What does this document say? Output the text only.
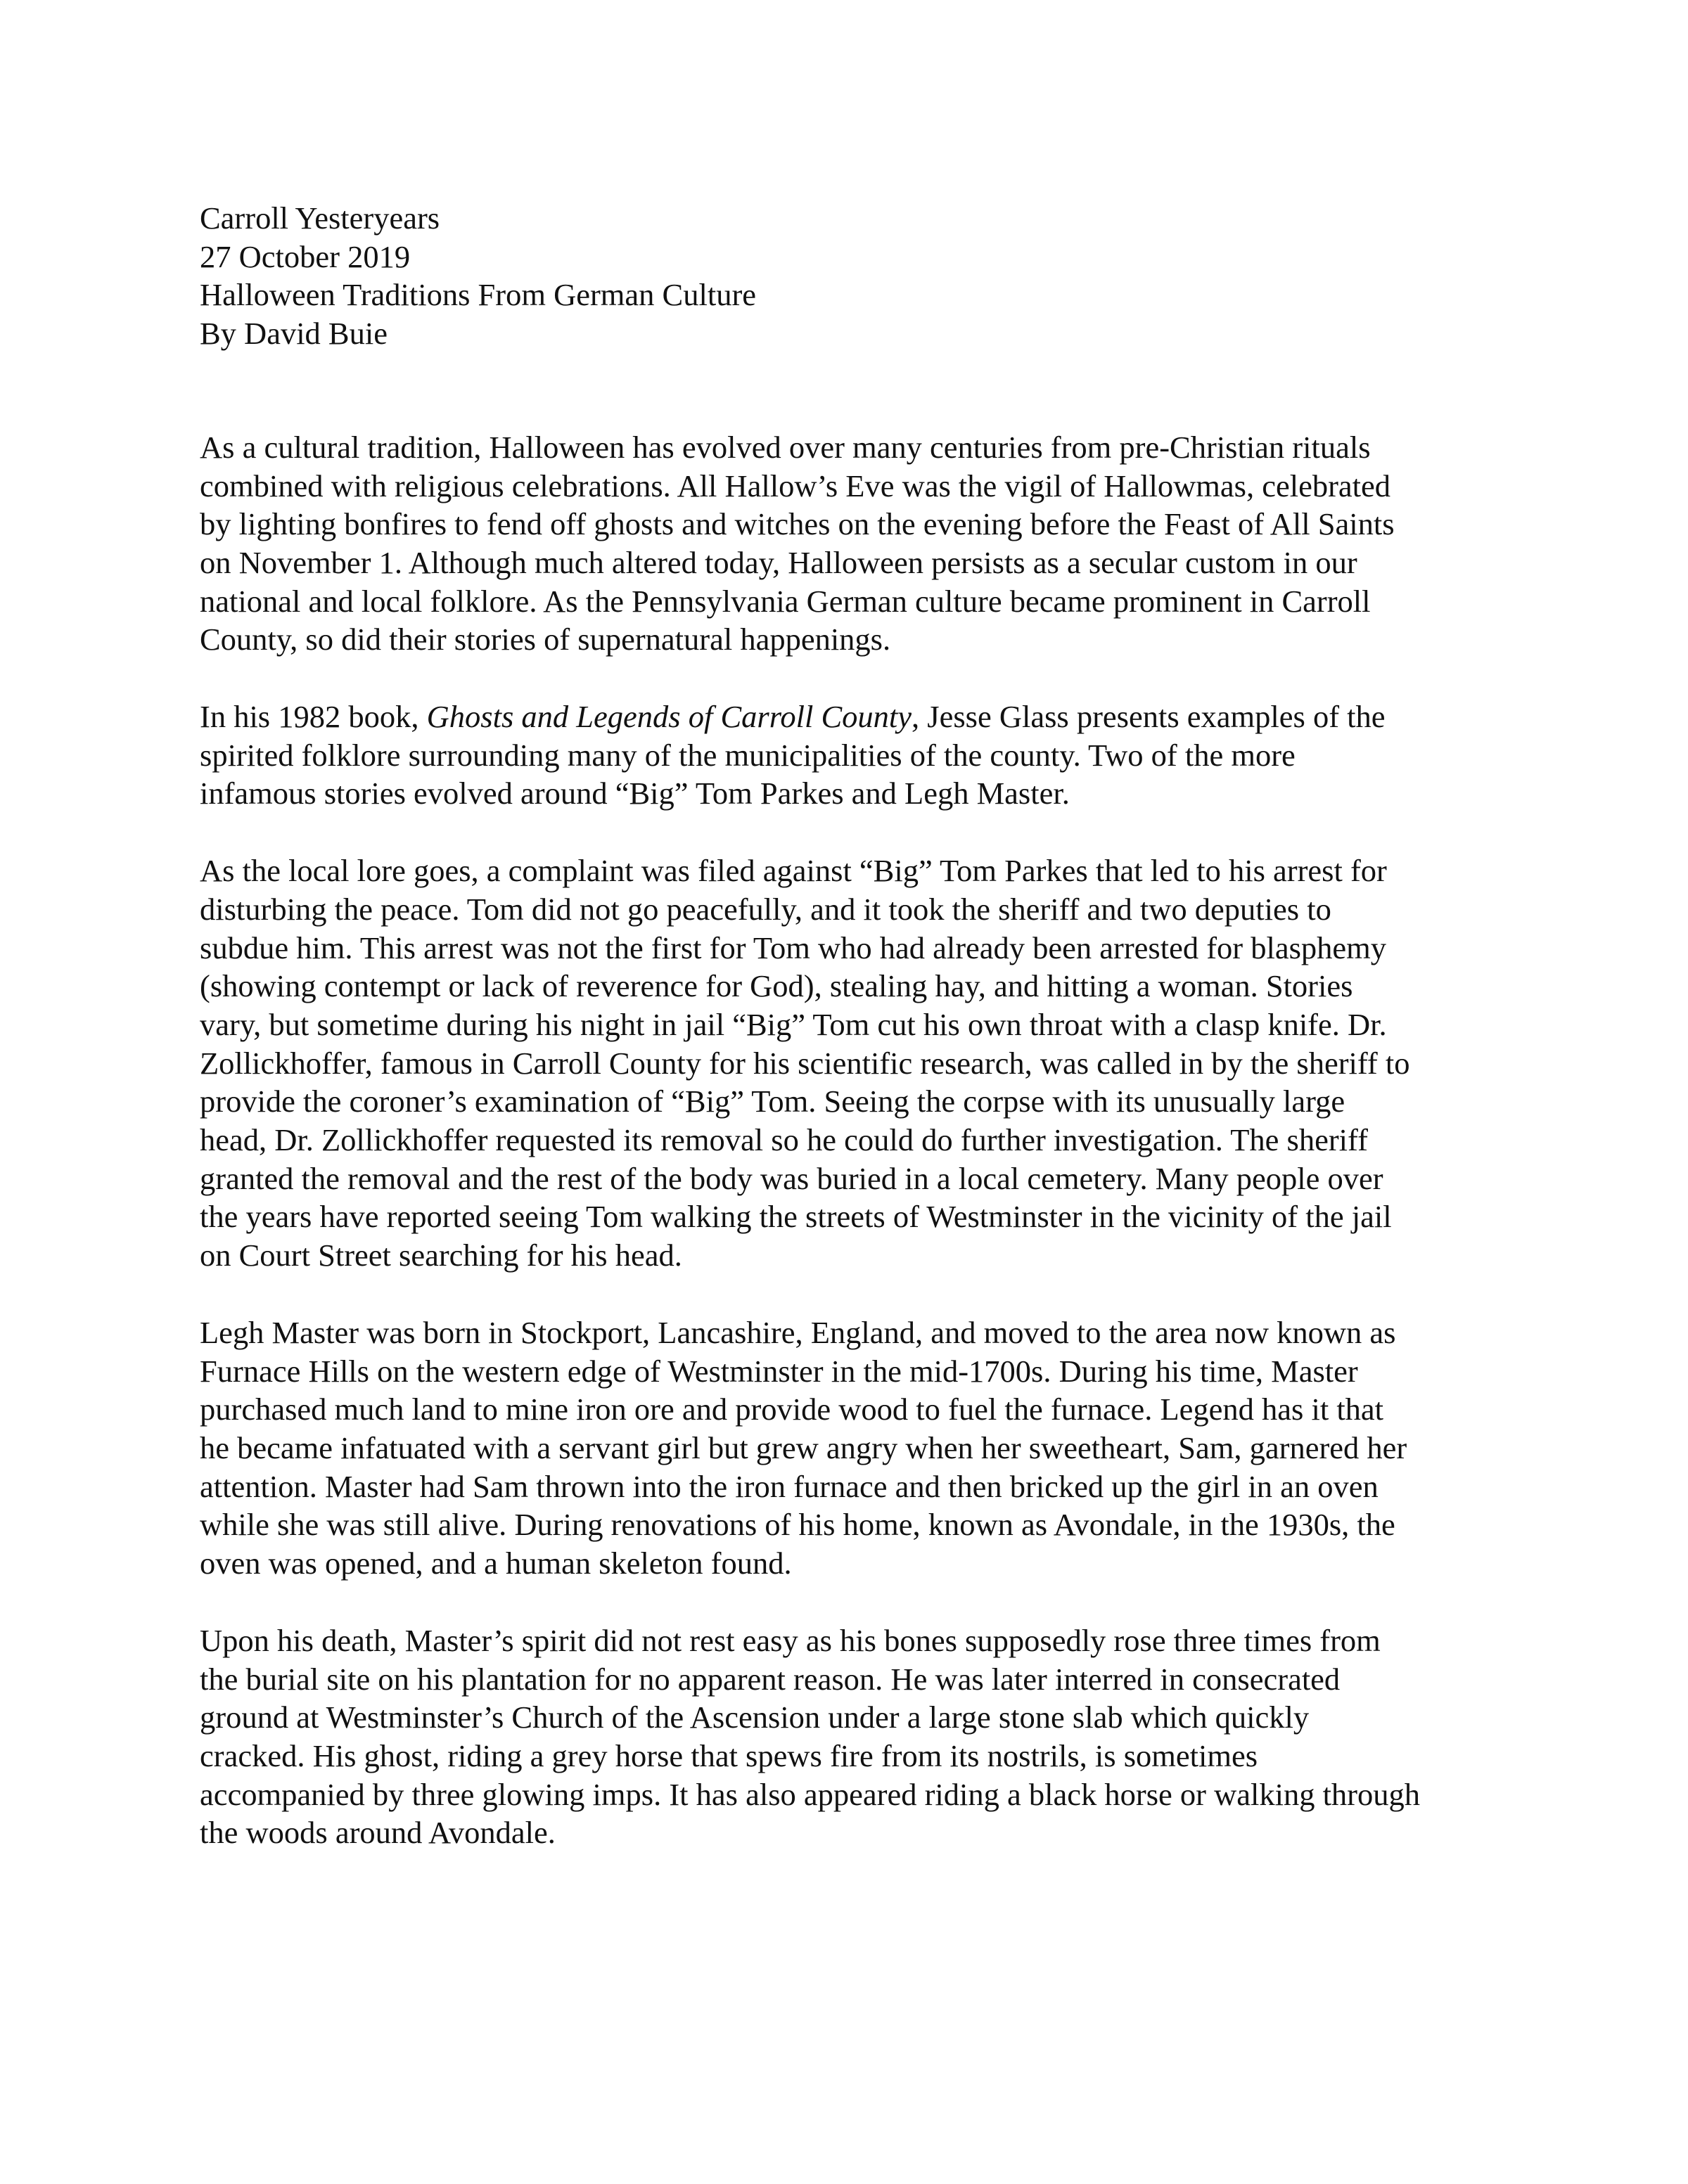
Carroll Yesteryears
27 October 2019
Halloween Traditions From German Culture
By David Buie
As a cultural tradition, Halloween has evolved over many centuries from pre-Christian rituals
combined with religious celebrations. All Hallow’s Eve was the vigil of Hallowmas, celebrated
by lighting bonfires to fend off ghosts and witches on the evening before the Feast of All Saints
on November 1. Although much altered today, Halloween persists as a secular custom in our
national and local folklore. As the Pennsylvania German culture became prominent in Carroll
County, so did their stories of supernatural happenings.
In his 1982 book, Ghosts and Legends of Carroll County, Jesse Glass presents examples of the
spirited folklore surrounding many of the municipalities of the county. Two of the more
infamous stories evolved around “Big” Tom Parkes and Legh Master.
As the local lore goes, a complaint was filed against “Big” Tom Parkes that led to his arrest for
disturbing the peace. Tom did not go peacefully, and it took the sheriff and two deputies to
subdue him. This arrest was not the first for Tom who had already been arrested for blasphemy
(showing contempt or lack of reverence for God), stealing hay, and hitting a woman. Stories
vary, but sometime during his night in jail “Big” Tom cut his own throat with a clasp knife. Dr.
Zollickhoffer, famous in Carroll County for his scientific research, was called in by the sheriff to
provide the coroner’s examination of “Big” Tom. Seeing the corpse with its unusually large
head, Dr. Zollickhoffer requested its removal so he could do further investigation. The sheriff
granted the removal and the rest of the body was buried in a local cemetery. Many people over
the years have reported seeing Tom walking the streets of Westminster in the vicinity of the jail
on Court Street searching for his head.
Legh Master was born in Stockport, Lancashire, England, and moved to the area now known as
Furnace Hills on the western edge of Westminster in the mid-1700s. During his time, Master
purchased much land to mine iron ore and provide wood to fuel the furnace. Legend has it that
he became infatuated with a servant girl but grew angry when her sweetheart, Sam, garnered her
attention. Master had Sam thrown into the iron furnace and then bricked up the girl in an oven
while she was still alive. During renovations of his home, known as Avondale, in the 1930s, the
oven was opened, and a human skeleton found.
Upon his death, Master’s spirit did not rest easy as his bones supposedly rose three times from
the burial site on his plantation for no apparent reason. He was later interred in consecrated
ground at Westminster’s Church of the Ascension under a large stone slab which quickly
cracked. His ghost, riding a grey horse that spews fire from its nostrils, is sometimes
accompanied by three glowing imps. It has also appeared riding a black horse or walking through
the woods around Avondale.
